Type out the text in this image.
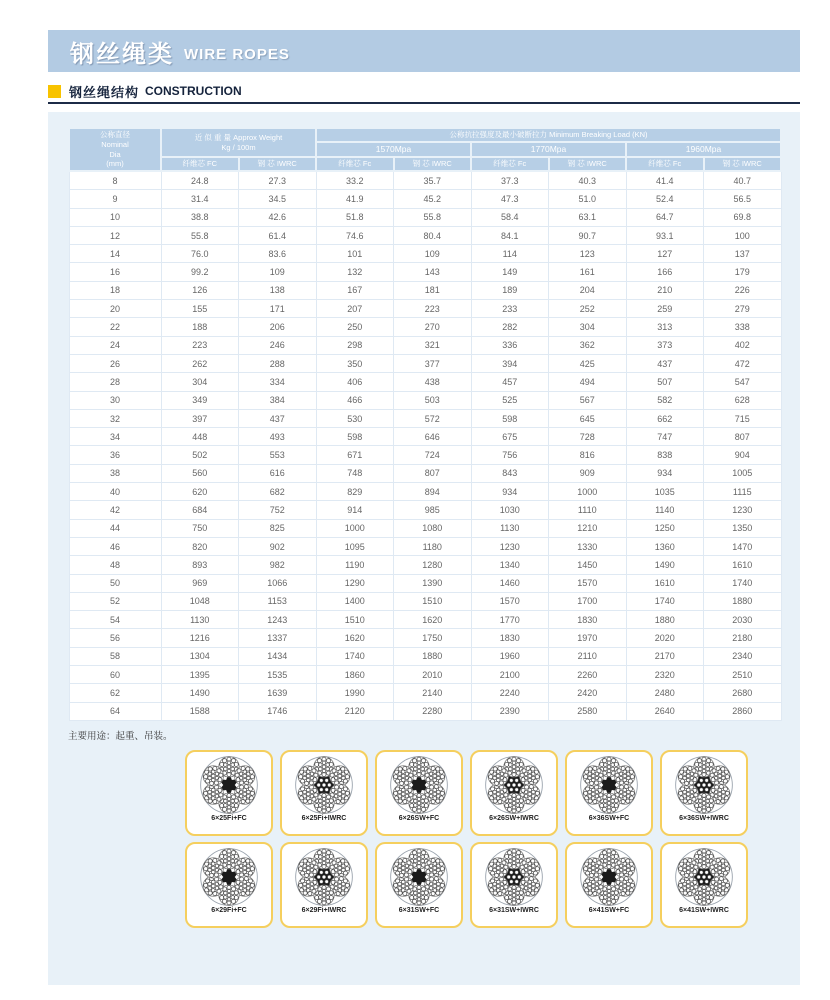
钢丝绳类 WIRE ROPES
钢丝绳结构 CONSTRUCTION
公称直径
Nominal
Dia
(mm)	近 似 重 量 Approx Weight
Kg / 100m		公称抗拉强度及最小破断拉力 Minimum Breaking Load (KN)					
			1570Mpa		1770Mpa		1960Mpa	
	纤维芯 FC	钢 芯 IWRC	纤维芯 Fc	钢 芯 IWRC	纤维芯 Fc	钢 芯 IWRC	纤维芯 Fc	钢 芯 IWRC
8	24.8	27.3	33.2	35.7	37.3	40.3	41.4	40.7
9	31.4	34.5	41.9	45.2	47.3	51.0	52.4	56.5
10	38.8	42.6	51.8	55.8	58.4	63.1	64.7	69.8
12	55.8	61.4	74.6	80.4	84.1	90.7	93.1	100
14	76.0	83.6	101	109	114	123	127	137
16	99.2	109	132	143	149	161	166	179
18	126	138	167	181	189	204	210	226
20	155	171	207	223	233	252	259	279
22	188	206	250	270	282	304	313	338
24	223	246	298	321	336	362	373	402
26	262	288	350	377	394	425	437	472
28	304	334	406	438	457	494	507	547
30	349	384	466	503	525	567	582	628
32	397	437	530	572	598	645	662	715
34	448	493	598	646	675	728	747	807
36	502	553	671	724	756	816	838	904
38	560	616	748	807	843	909	934	1005
40	620	682	829	894	934	1000	1035	1115
42	684	752	914	985	1030	1110	1140	1230
44	750	825	1000	1080	1130	1210	1250	1350
46	820	902	1095	1180	1230	1330	1360	1470
48	893	982	1190	1280	1340	1450	1490	1610
50	969	1066	1290	1390	1460	1570	1610	1740
52	1048	1153	1400	1510	1570	1700	1740	1880
54	1130	1243	1510	1620	1770	1830	1880	2030
56	1216	1337	1620	1750	1830	1970	2020	2180
58	1304	1434	1740	1880	1960	2110	2170	2340
60	1395	1535	1860	2010	2100	2260	2320	2510
62	1490	1639	1990	2140	2240	2420	2480	2680
64	1588	1746	2120	2280	2390	2580	2640	2860
主要用途：起重、吊装。
6×25Fi+FC	6×25Fi+IWRC	6×26SW+FC	6×26SW+IWRC	6×36SW+FC	6×36SW+IWRC
6×29Fi+FC	6×29Fi+IWRC	6×31SW+FC	6×31SW+IWRC	6×41SW+FC	6×41SW+IWRC
